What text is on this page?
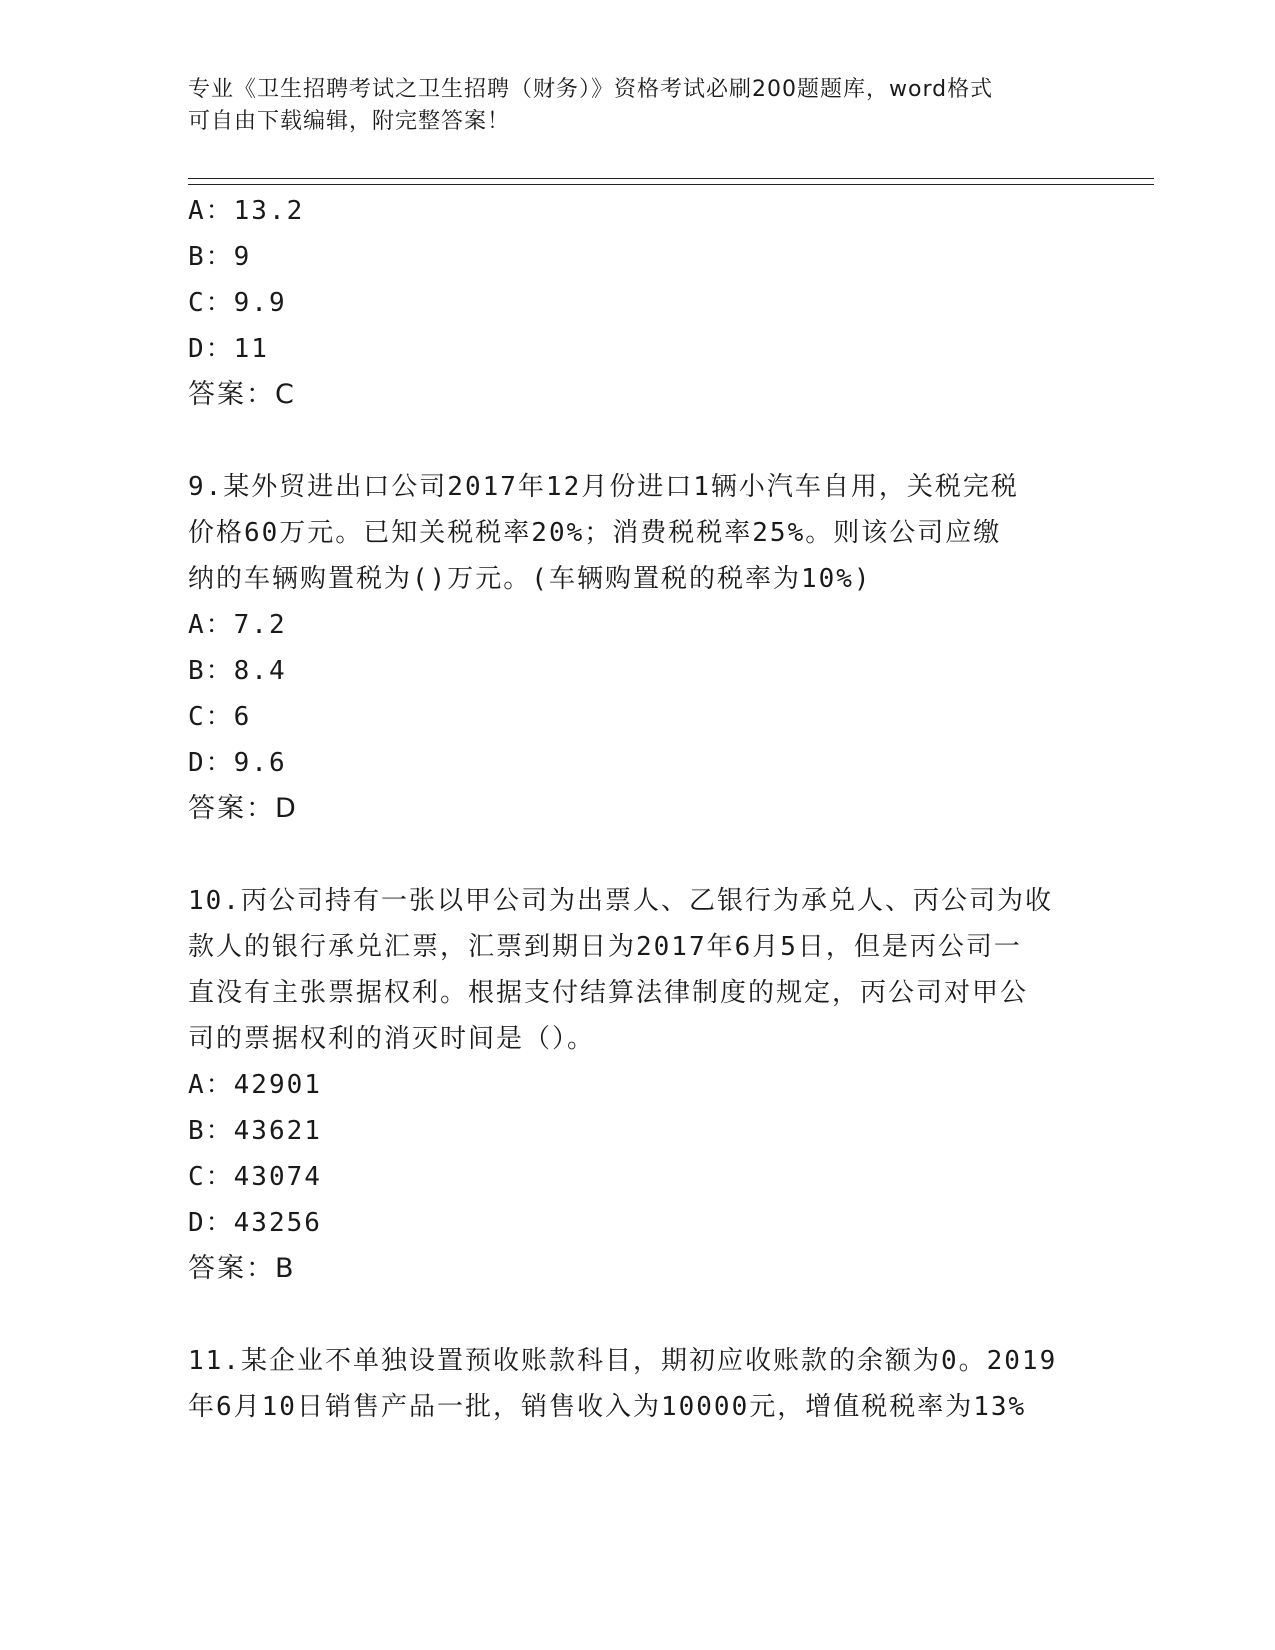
专业《卫生招聘考试之卫生招聘（财务）》资格考试必刷200题题库，word格式
可自由下载编辑，附完整答案！
A：13.2
B：9
C：9.9
D：11
答案：C
9.某外贸进出口公司2017年12月份进口1辆小汽车自用，关税完税
价格60万元。已知关税税率20%；消费税税率25%。则该公司应缴
纳的车辆购置税为()万元。(车辆购置税的税率为10%)
A：7.2
B：8.4
C：6
D：9.6
答案：D
10.丙公司持有一张以甲公司为出票人、乙银行为承兑人、丙公司为收
款人的银行承兑汇票，汇票到期日为2017年6月5日，但是丙公司一
直没有主张票据权利。根据支付结算法律制度的规定，丙公司对甲公
司的票据权利的消灭时间是（）。
A：42901
B：43621
C：43074
D：43256
答案：B
11.某企业不单独设置预收账款科目，期初应收账款的余额为0。2019
年6月10日销售产品一批，销售收入为10000元，增值税税率为13%
